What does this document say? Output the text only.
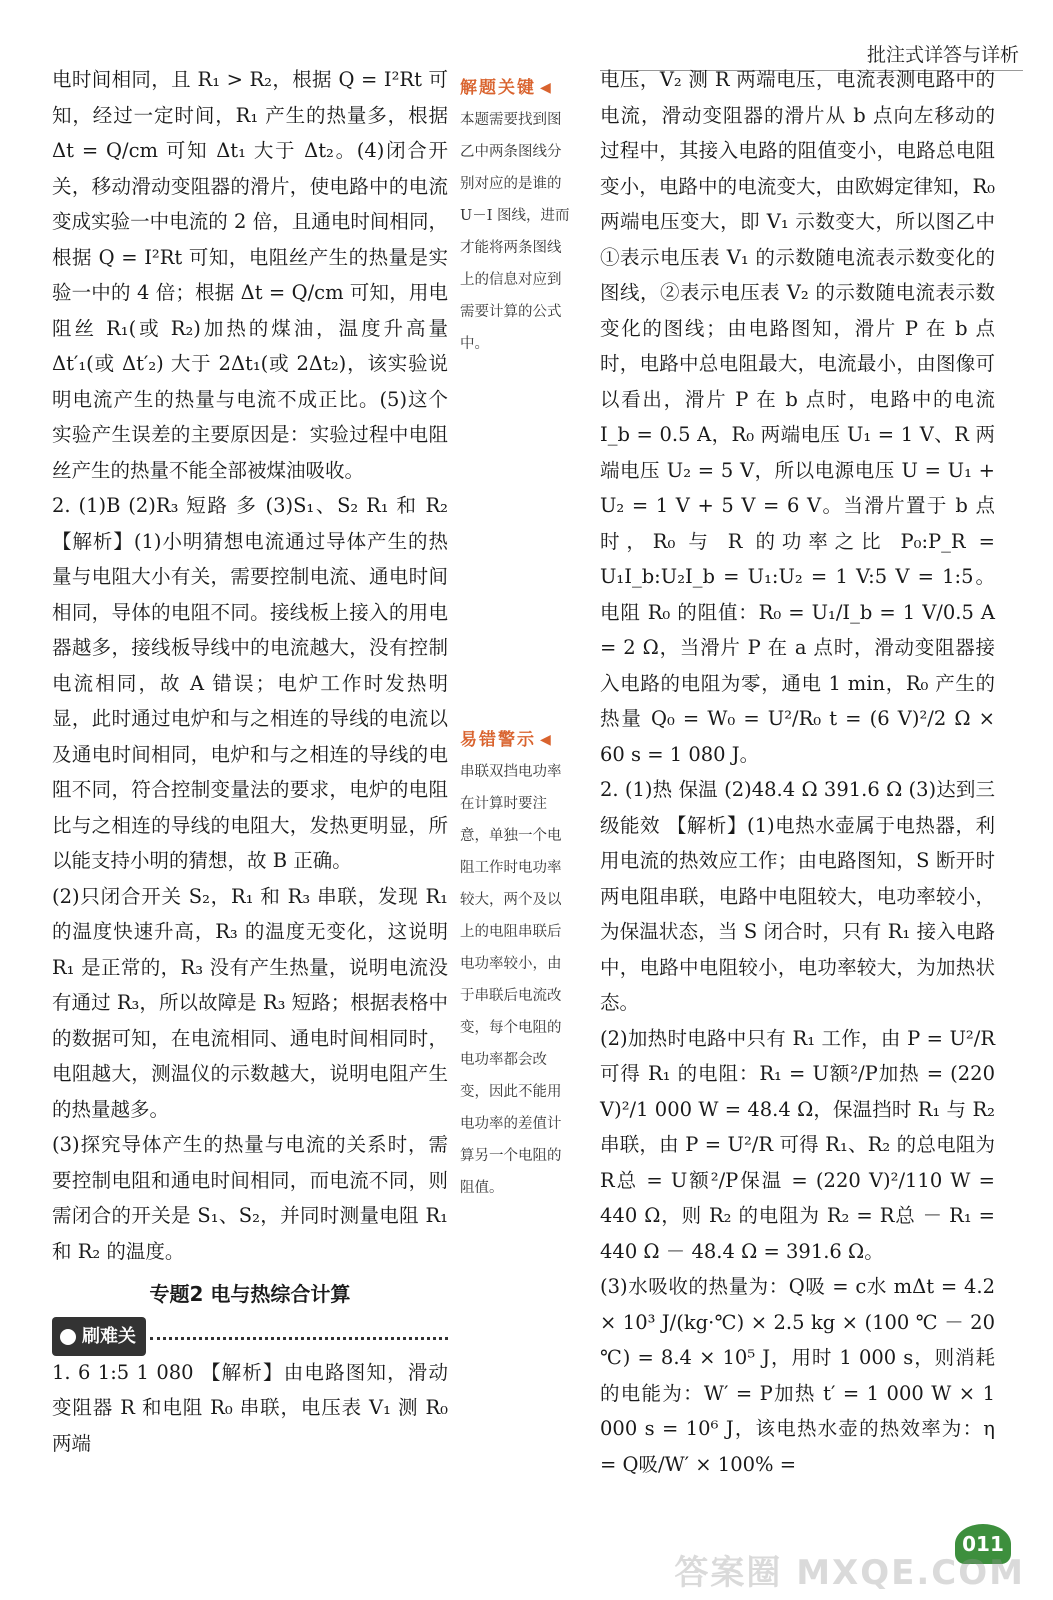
批注式详答与详析

电时间相同，且 R₁ > R₂，根据 Q = I²Rt 可知，经过一定时间，R₁ 产生的热量多，根据 Δt = Q/cm 可知 Δt₁ 大于 Δt₂。(4)闭合开关，移动滑动变阻器的滑片，使电路中的电流变成实验一中电流的 2 倍，且通电时间相同，根据 Q = I²Rt 可知，电阻丝产生的热量是实验一中的 4 倍；根据 Δt = Q/cm 可知，用电阻丝 R₁(或 R₂)加热的煤油，温度升高量 Δt′₁(或 Δt′₂) 大于 2Δt₁(或 2Δt₂)，该实验说明电流产生的热量与电流不成正比。(5)这个实验产生误差的主要原因是：实验过程中电阻丝产生的热量不能全部被煤油吸收。

2. (1)B (2)R₃ 短路 多 (3)S₁、S₂ R₁ 和 R₂ 【解析】(1)小明猜想电流通过导体产生的热量与电阻大小有关，需要控制电流、通电时间相同，导体的电阻不同。接线板上接入的用电器越多，接线板导线中的电流越大，没有控制电流相同，故 A 错误；电炉工作时发热明显，此时通过电炉和与之相连的导线的电流以及通电时间相同，电炉和与之相连的导线的电阻不同，符合控制变量法的要求，电炉的电阻比与之相连的导线的电阻大，发热更明显，所以能支持小明的猜想，故 B 正确。

(2)只闭合开关 S₂，R₁ 和 R₃ 串联，发现 R₁ 的温度快速升高，R₃ 的温度无变化，这说明 R₁ 是正常的，R₃ 没有产生热量，说明电流没有通过 R₃，所以故障是 R₃ 短路；根据表格中的数据可知，在电流相同、通电时间相同时，电阻越大，测温仪的示数越大，说明电阻产生的热量越多。

(3)探究导体产生的热量与电流的关系时，需要控制电阻和通电时间相同，而电流不同，则需闭合的开关是 S₁、S₂，并同时测量电阻 R₁ 和 R₂ 的温度。

专题2 电与热综合计算
刷难关

1. 6 1:5 1 080 【解析】由电路图知，滑动变阻器 R 和电阻 R₀ 串联，电压表 V₁ 测 R₀ 两端

解题关键 ◀
本题需要找到图乙中两条图线分别对应的是谁的 U－I 图线，进而才能将两条图线上的信息对应到需要计算的公式中。
易错警示 ◀
串联双挡电功率在计算时要注意，单独一个电阻工作时电功率较大，两个及以上的电阻串联后电功率较小，由于串联后电流改变，每个电阻的电功率都会改变，因此不能用电功率的差值计算另一个电阻的阻值。

电压，V₂ 测 R 两端电压，电流表测电路中的电流，滑动变阻器的滑片从 b 点向左移动的过程中，其接入电路的阻值变小，电路总电阻变小，电路中的电流变大，由欧姆定律知，R₀ 两端电压变大，即 V₁ 示数变大，所以图乙中①表示电压表 V₁ 的示数随电流表示数变化的图线，②表示电压表 V₂ 的示数随电流表示数变化的图线；由电路图知，滑片 P 在 b 点时，电路中总电阻最大，电流最小，由图像可以看出，滑片 P 在 b 点时，电路中的电流 I_b = 0.5 A，R₀ 两端电压 U₁ = 1 V、R 两端电压 U₂ = 5 V，所以电源电压 U = U₁ + U₂ = 1 V + 5 V = 6 V。当滑片置于 b 点时，R₀ 与 R 的功率之比 P₀:P_R = U₁I_b:U₂I_b = U₁:U₂ = 1 V:5 V = 1:5。电阻 R₀ 的阻值：R₀ = U₁/I_b = 1 V/0.5 A = 2 Ω，当滑片 P 在 a 点时，滑动变阻器接入电路的电阻为零，通电 1 min，R₀ 产生的热量 Q₀ = W₀ = U²/R₀ t = (6 V)²/2 Ω × 60 s = 1 080 J。

2. (1)热 保温 (2)48.4 Ω 391.6 Ω (3)达到三级能效 【解析】(1)电热水壶属于电热器，利用电流的热效应工作；由电路图知，S 断开时两电阻串联，电路中电阻较大，电功率较小，为保温状态，当 S 闭合时，只有 R₁ 接入电路中，电路中电阻较小，电功率较大，为加热状态。

(2)加热时电路中只有 R₁ 工作，由 P = U²/R 可得 R₁ 的电阻：R₁ = U额²/P加热 = (220 V)²/1 000 W = 48.4 Ω，保温挡时 R₁ 与 R₂ 串联，由 P = U²/R 可得 R₁、R₂ 的总电阻为 R总 = U额²/P保温 = (220 V)²/110 W = 440 Ω，则 R₂ 的电阻为 R₂ = R总 － R₁ = 440 Ω － 48.4 Ω = 391.6 Ω。

(3)水吸收的热量为：Q吸 = c水 mΔt = 4.2 × 10³ J/(kg·℃) × 2.5 kg × (100 ℃ － 20 ℃) = 8.4 × 10⁵ J，用时 1 000 s，则消耗的电能为：W′ = P加热 t′ = 1 000 W × 1 000 s = 10⁶ J，该电热水壶的热效率为：η = Q吸/W′ × 100% =

011
答案圈 MXQE.COM
